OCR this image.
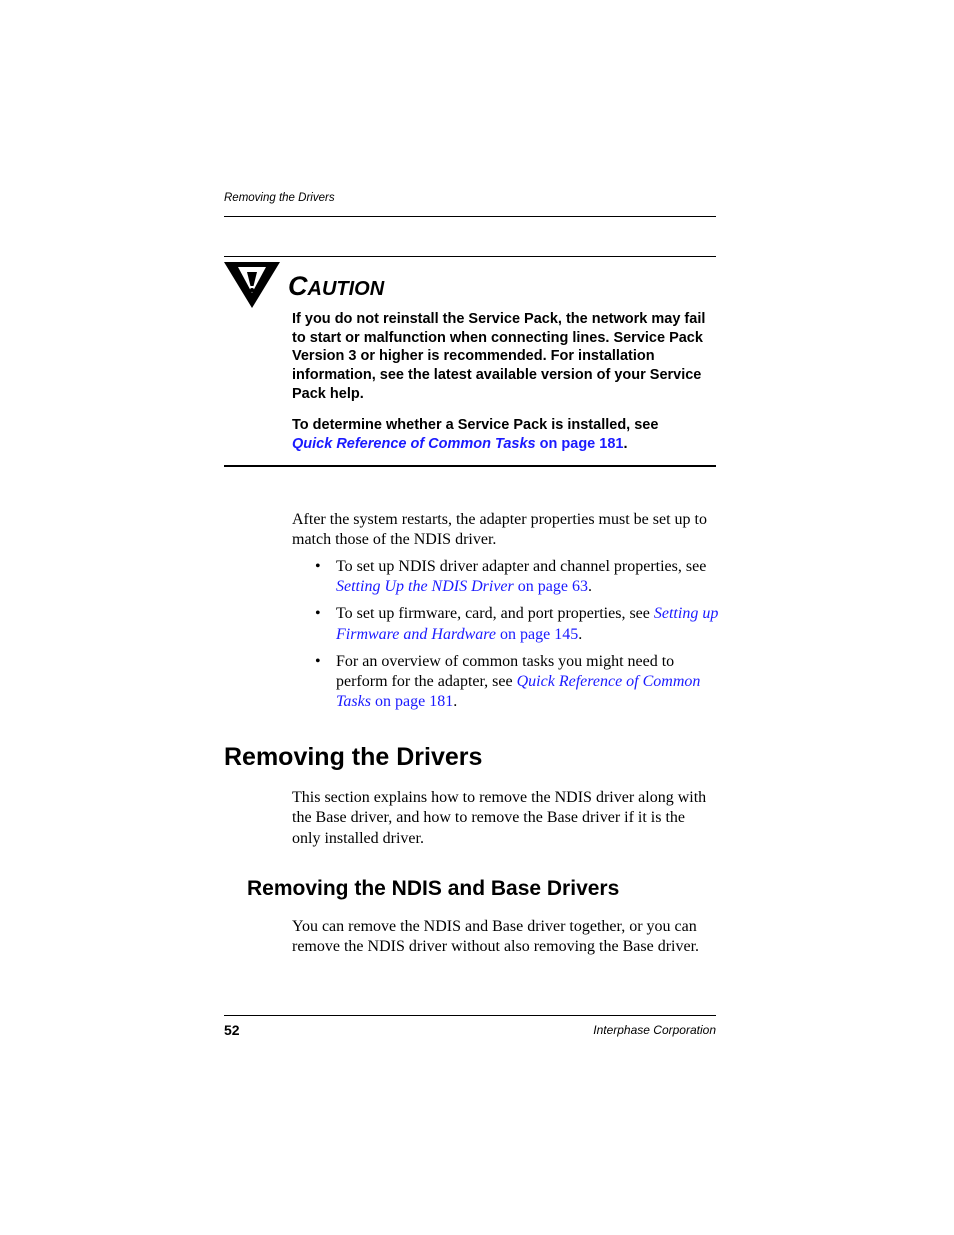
Removing the Drivers
CAUTION
If you do not reinstall the Service Pack, the network may fail to start or malfunction when connecting lines. Service Pack Version 3 or higher is recommended. For installation information, see the latest available version of your Service Pack help.
To determine whether a Service Pack is installed, see
Quick Reference of Common Tasks on page 181.
After the system restarts, the adapter properties must be set up to match those of the NDIS driver.
• To set up NDIS driver adapter and channel properties, see Setting Up the NDIS Driver on page 63.
• To set up firmware, card, and port properties, see Setting up Firmware and Hardware on page 145.
• For an overview of common tasks you might need to perform for the adapter, see Quick Reference of Common Tasks on page 181.
Removing the Drivers
This section explains how to remove the NDIS driver along with the Base driver, and how to remove the Base driver if it is the only installed driver.
Removing the NDIS and Base Drivers
You can remove the NDIS and Base driver together, or you can remove the NDIS driver without also removing the Base driver.
52	Interphase Corporation
